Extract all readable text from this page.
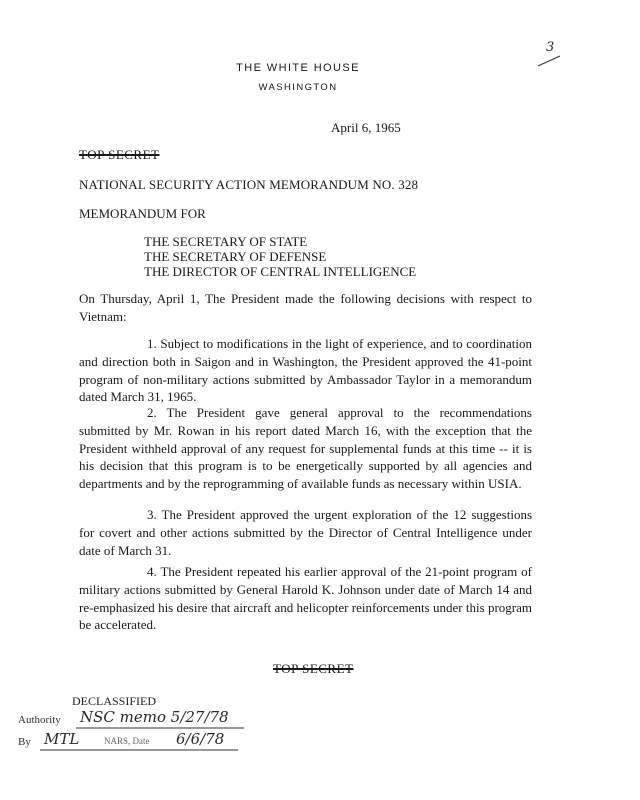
3
THE WHITE HOUSE
WASHINGTON
April 6, 1965
TOP SECRET
NATIONAL SECURITY ACTION MEMORANDUM NO. 328
MEMORANDUM FOR
THE SECRETARY OF STATE
THE SECRETARY OF DEFENSE
THE DIRECTOR OF CENTRAL INTELLIGENCE
On Thursday, April 1, The President made the following decisions with respect to Vietnam:
1. Subject to modifications in the light of experience, and to coordination and direction both in Saigon and in Washington, the President approved the 41-point program of non-military actions submitted by Ambassador Taylor in a memorandum dated March 31, 1965.
2. The President gave general approval to the recommendations submitted by Mr. Rowan in his report dated March 16, with the exception that the President withheld approval of any request for supplemental funds at this time -- it is his decision that this program is to be energetically supported by all agencies and departments and by the reprogramming of available funds as necessary within USIA.
3. The President approved the urgent exploration of the 12 suggestions for covert and other actions submitted by the Director of Central Intelligence under date of March 31.
4. The President repeated his earlier approval of the 21-point program of military actions submitted by General Harold K. Johnson under date of March 14 and re-emphasized his desire that aircraft and helicopter reinforcements under this program be accelerated.
TOP SECRET
DECLASSIFIED
Authority NSC memo 5/27/78
By MTL	NARS, Date 6/6/78
